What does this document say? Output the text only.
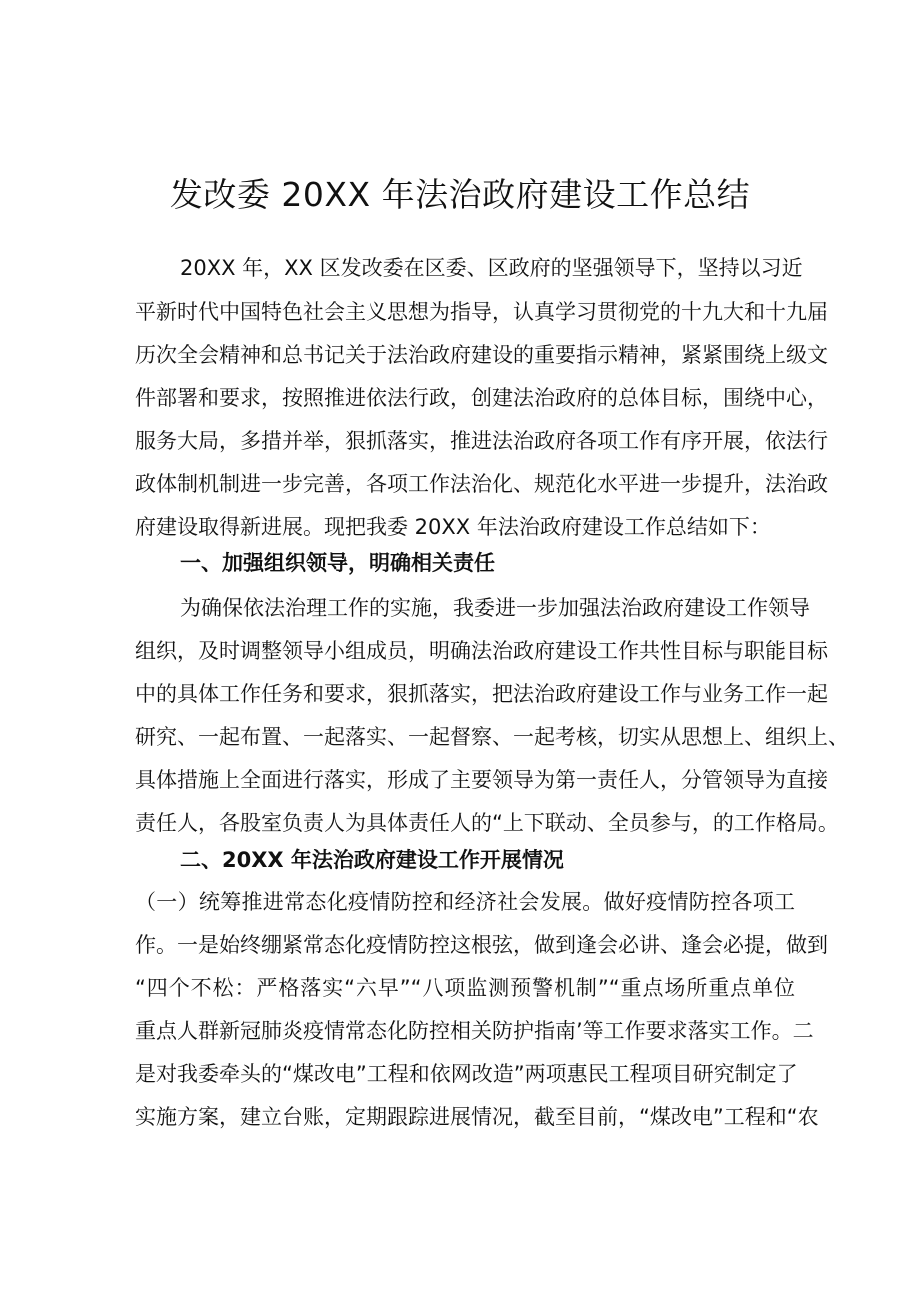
发改委 20XX 年法治政府建设工作总结

20XX 年，XX 区发改委在区委、区政府的坚强领导下，坚持以习近

平新时代中国特色社会主义思想为指导，认真学习贯彻党的十九大和十九届

历次全会精神和总书记关于法治政府建设的重要指示精神，紧紧围绕上级文

件部署和要求，按照推进依法行政，创建法治政府的总体目标，围绕中心，

服务大局，多措并举，狠抓落实，推进法治政府各项工作有序开展，依法行

政体制机制进一步完善，各项工作法治化、规范化水平进一步提升，法治政

府建设取得新进展。现把我委 20XX 年法治政府建设工作总结如下：

一、加强组织领导，明确相关责任

为确保依法治理工作的实施，我委进一步加强法治政府建设工作领导

组织，及时调整领导小组成员，明确法治政府建设工作共性目标与职能目标

中的具体工作任务和要求，狠抓落实，把法治政府建设工作与业务工作一起

研究、一起布置、一起落实、一起督察、一起考核，切实从思想上、组织上、

具体措施上全面进行落实，形成了主要领导为第一责任人，分管领导为直接

责任人，各股室负责人为具体责任人的“上下联动、全员参与，的工作格局。

二、20XX 年法治政府建设工作开展情况

（一）统筹推进常态化疫情防控和经济社会发展。做好疫情防控各项工

作。一是始终绷紧常态化疫情防控这根弦，做到逢会必讲、逢会必提，做到

“四个不松：严格落实“六早”“八项监测预警机制”“重点场所重点单位

重点人群新冠肺炎疫情常态化防控相关防护指南’等工作要求落实工作。二

是对我委牵头的“煤改电”工程和依网改造”两项惠民工程项目研究制定了

实施方案，建立台账，定期跟踪进展情况，截至目前，“煤改电”工程和“农
